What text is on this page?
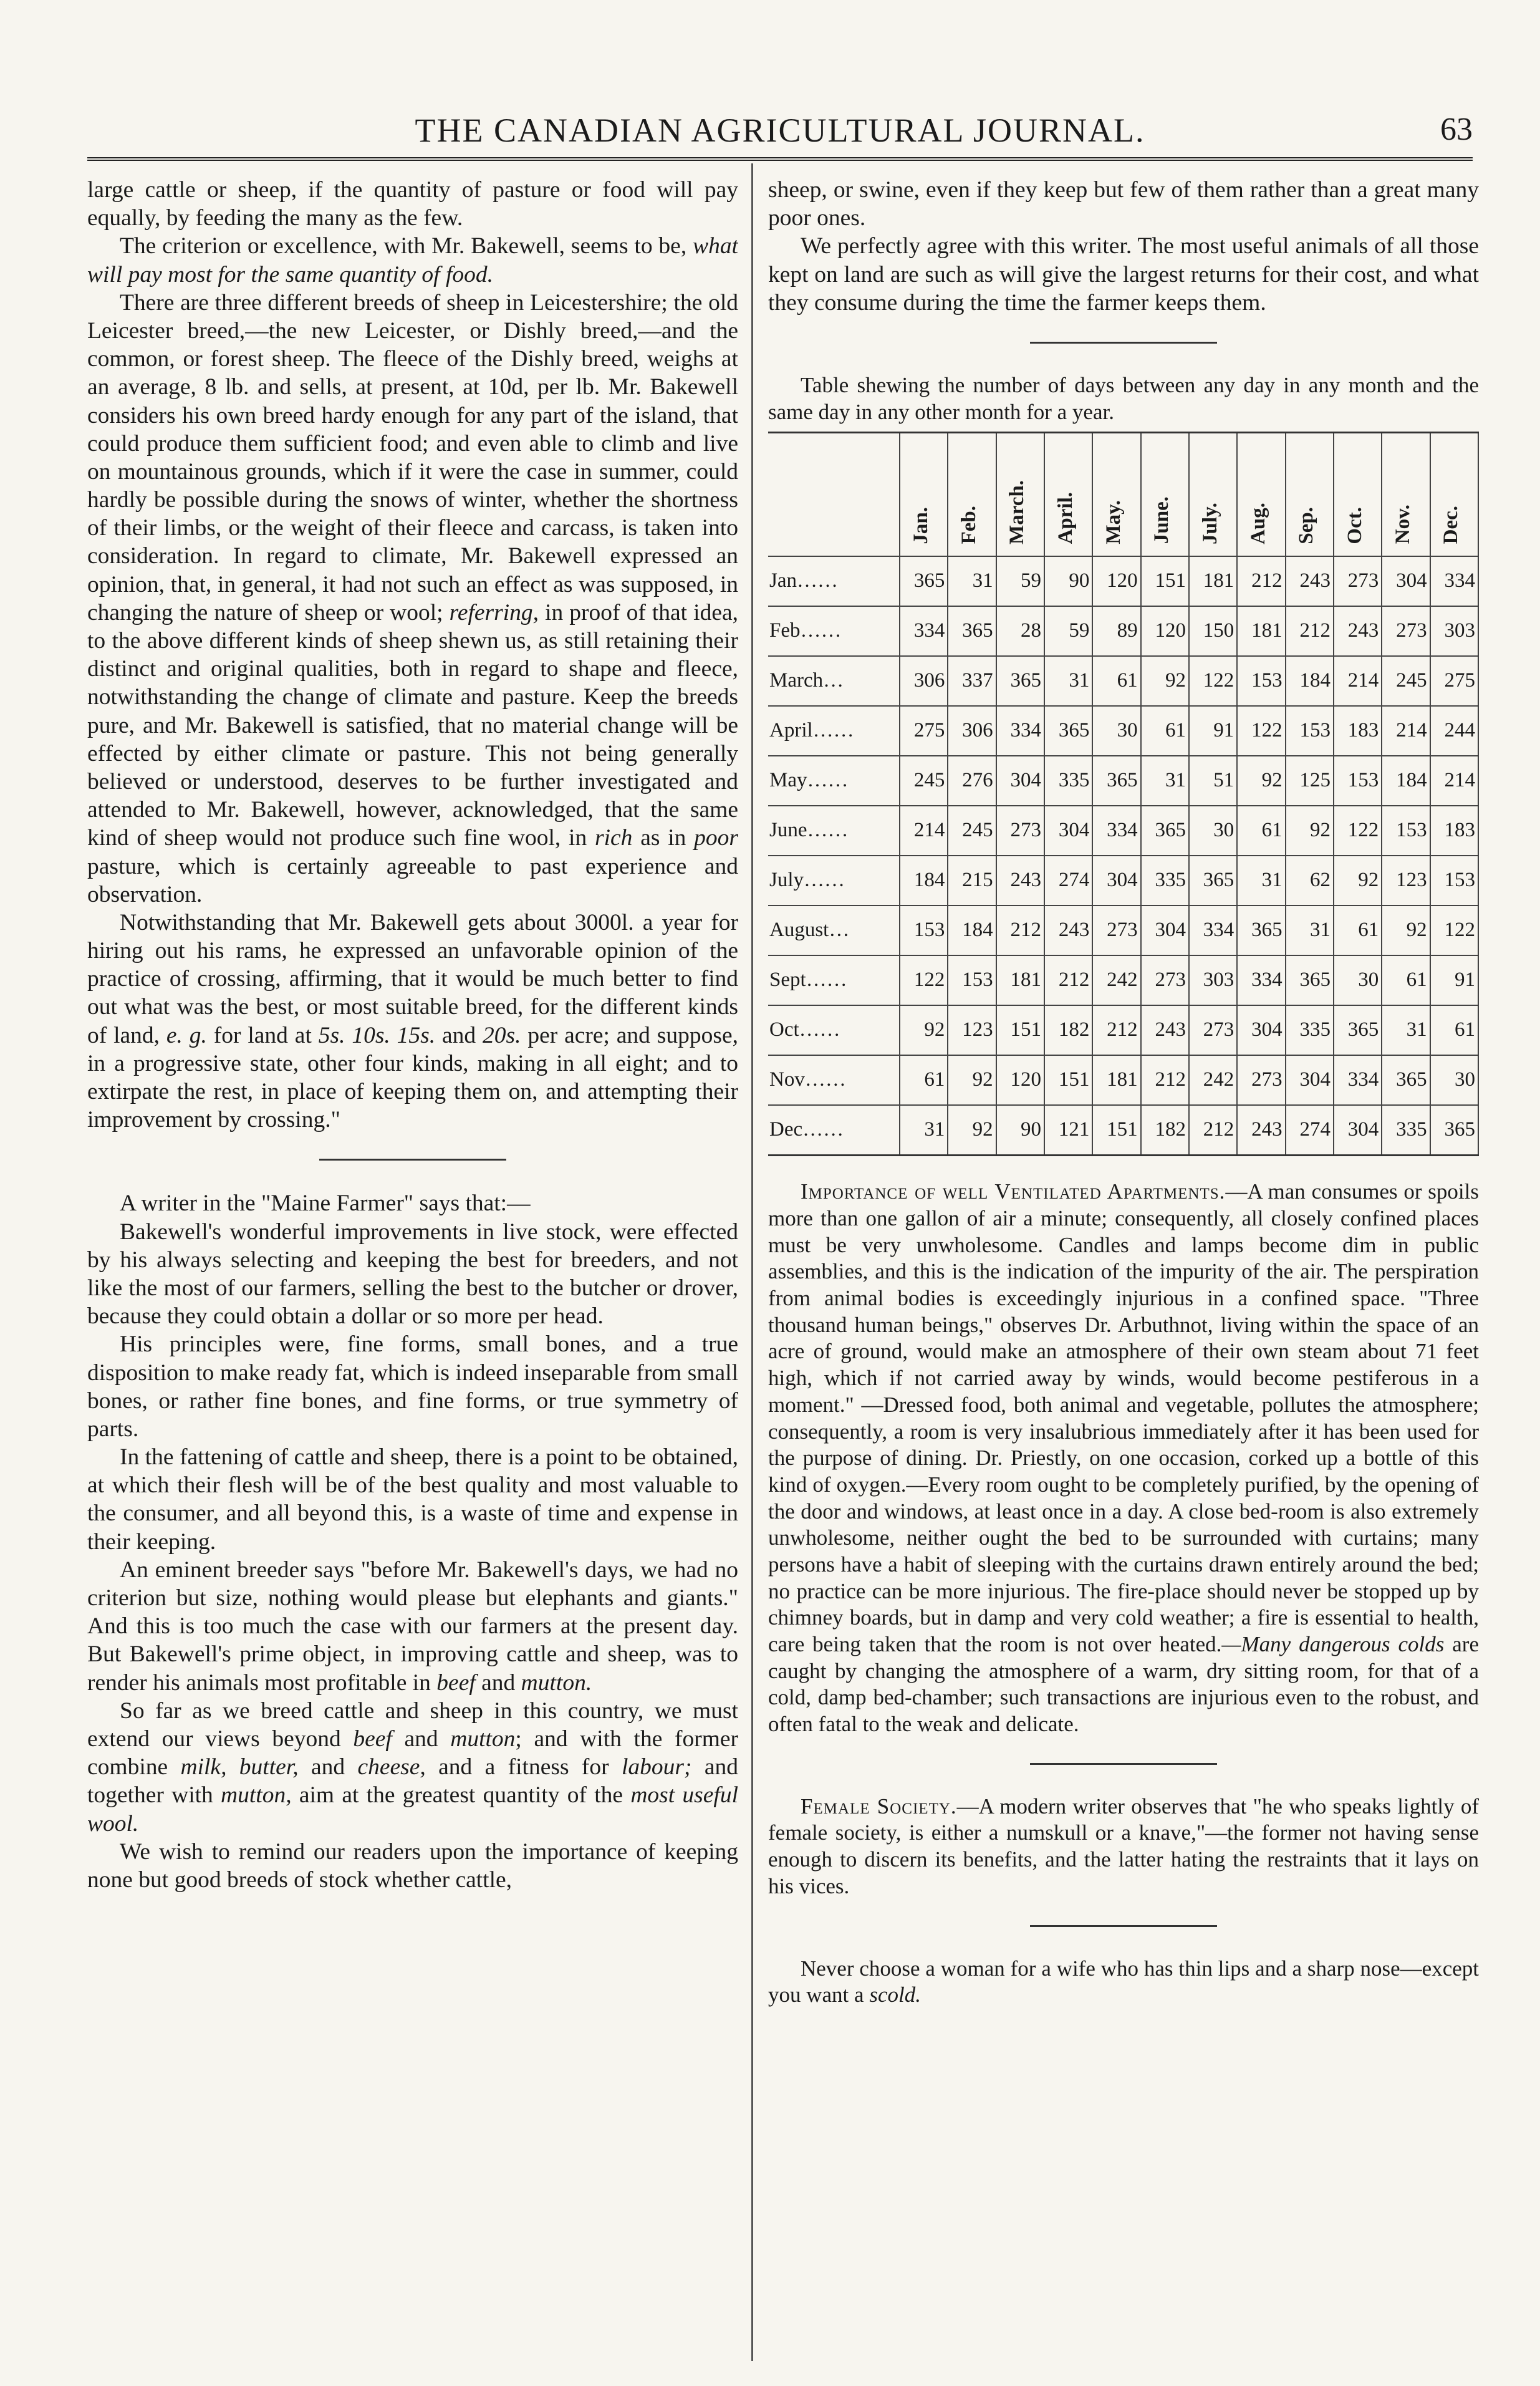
THE CANADIAN AGRICULTURAL JOURNAL.	63

large cattle or sheep, if the quantity of pasture or food will pay equally, by feeding the many as the few.

The criterion or excellence, with Mr. Bakewell, seems to be, what will pay most for the same quantity of food.

There are three different breeds of sheep in Leicestershire; the old Leicester breed,—the new Leicester, or Dishly breed,—and the common, or forest sheep. The fleece of the Dishly breed, weighs at an average, 8 lb. and sells, at present, at 10d, per lb. Mr. Bakewell considers his own breed hardy enough for any part of the island, that could produce them sufficient food; and even able to climb and live on mountainous grounds, which if it were the case in summer, could hardly be possible during the snows of winter, whether the shortness of their limbs, or the weight of their fleece and carcass, is taken into consideration. In regard to climate, Mr. Bakewell expressed an opinion, that, in general, it had not such an effect as was supposed, in changing the nature of sheep or wool; referring, in proof of that idea, to the above different kinds of sheep shewn us, as still retaining their distinct and original qualities, both in regard to shape and fleece, notwithstanding the change of climate and pasture. Keep the breeds pure, and Mr. Bakewell is satisfied, that no material change will be effected by either climate or pasture. This not being generally believed or understood, deserves to be further investigated and attended to Mr. Bakewell, however, acknowledged, that the same kind of sheep would not produce such fine wool, in rich as in poor pasture, which is certainly agreeable to past experience and observation.

Notwithstanding that Mr. Bakewell gets about 3000l. a year for hiring out his rams, he expressed an unfavorable opinion of the practice of crossing, affirming, that it would be much better to find out what was the best, or most suitable breed, for the different kinds of land, e. g. for land at 5s. 10s. 15s. and 20s. per acre; and suppose, in a progressive state, other four kinds, making in all eight; and to extirpate the rest, in place of keeping them on, and attempting their improvement by crossing."

A writer in the "Maine Farmer" says that:—

Bakewell's wonderful improvements in live stock, were effected by his always selecting and keeping the best for breeders, and not like the most of our farmers, selling the best to the butcher or drover, because they could obtain a dollar or so more per head.

His principles were, fine forms, small bones, and a true disposition to make ready fat, which is indeed inseparable from small bones, or rather fine bones, and fine forms, or true symmetry of parts.

In the fattening of cattle and sheep, there is a point to be obtained, at which their flesh will be of the best quality and most valuable to the consumer, and all beyond this, is a waste of time and expense in their keeping.

An eminent breeder says "before Mr. Bakewell's days, we had no criterion but size, nothing would please but elephants and giants." And this is too much the case with our farmers at the present day. But Bakewell's prime object, in improving cattle and sheep, was to render his animals most profitable in beef and mutton.

So far as we breed cattle and sheep in this country, we must extend our views beyond beef and mutton; and with the former combine milk, butter, and cheese, and a fitness for labour; and together with mutton, aim at the greatest quantity of the most useful wool.

We wish to remind our readers upon the importance of keeping none but good breeds of stock whether cattle,

sheep, or swine, even if they keep but few of them rather than a great many poor ones.

We perfectly agree with this writer. The most useful animals of all those kept on land are such as will give the largest returns for their cost, and what they consume during the time the farmer keeps them.

Table shewing the number of days between any day in any month and the same day in any other month for a year.

	Jan.	Feb.	March.	April.	May.	June.	July.	Aug.	Sep.	Oct.	Nov.	Dec.
Jan……	365	31	59	90	120	151	181	212	243	273	304	334
Feb……	334	365	28	59	89	120	150	181	212	243	273	303
March…	306	337	365	31	61	92	122	153	184	214	245	275
April……	275	306	334	365	30	61	91	122	153	183	214	244
May……	245	276	304	335	365	31	51	92	125	153	184	214
June……	214	245	273	304	334	365	30	61	92	122	153	183
July……	184	215	243	274	304	335	365	31	62	92	123	153
August…	153	184	212	243	273	304	334	365	31	61	92	122
Sept……	122	153	181	212	242	273	303	334	365	30	61	91
Oct……	92	123	151	182	212	243	273	304	335	365	31	61
Nov……	61	92	120	151	181	212	242	273	304	334	365	30
Dec……	31	92	90	121	151	182	212	243	274	304	335	365

Importance of well Ventilated Apartments.—A man consumes or spoils more than one gallon of air a minute; consequently, all closely confined places must be very unwholesome. Candles and lamps become dim in public assemblies, and this is the indication of the impurity of the air. The perspiration from animal bodies is exceedingly injurious in a confined space. "Three thousand human beings," observes Dr. Arbuthnot, living within the space of an acre of ground, would make an atmosphere of their own steam about 71 feet high, which if not carried away by winds, would become pestiferous in a moment." —Dressed food, both animal and vegetable, pollutes the atmosphere; consequently, a room is very insalubrious immediately after it has been used for the purpose of dining. Dr. Priestly, on one occasion, corked up a bottle of this kind of oxygen.—Every room ought to be completely purified, by the opening of the door and windows, at least once in a day. A close bed-room is also extremely unwholesome, neither ought the bed to be surrounded with curtains; many persons have a habit of sleeping with the curtains drawn entirely around the bed; no practice can be more injurious. The fire-place should never be stopped up by chimney boards, but in damp and very cold weather; a fire is essential to health, care being taken that the room is not over heated.—Many dangerous colds are caught by changing the atmosphere of a warm, dry sitting room, for that of a cold, damp bed-chamber; such transactions are injurious even to the robust, and often fatal to the weak and delicate.

Female Society.—A modern writer observes that "he who speaks lightly of female society, is either a numskull or a knave,"—the former not having sense enough to discern its benefits, and the latter hating the restraints that it lays on his vices.

Never choose a woman for a wife who has thin lips and a sharp nose—except you want a scold.
